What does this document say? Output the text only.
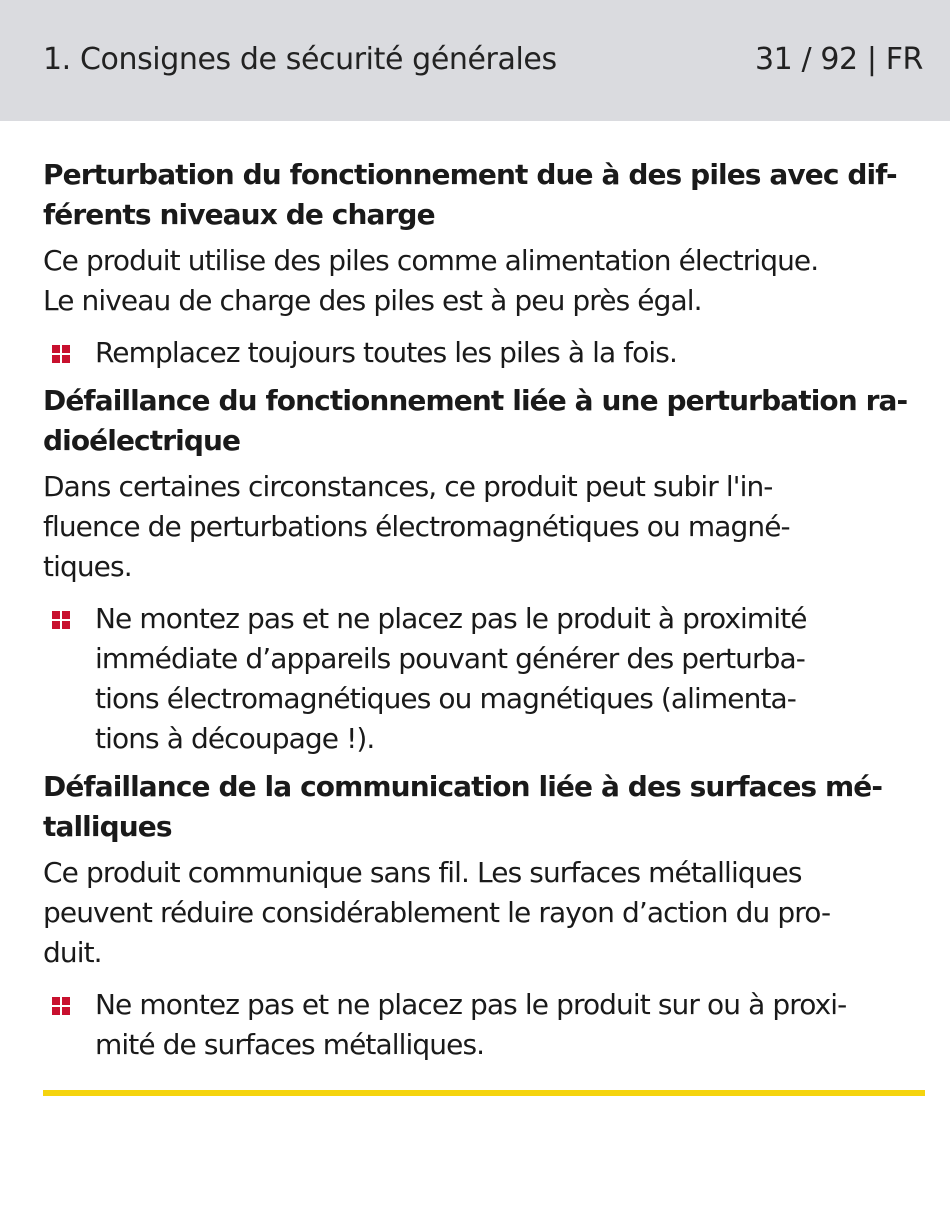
1. Consignes de sécurité générales	31 / 92 | FR
Perturbation du fonctionnement due à des piles avec dif-
férents niveaux de charge

Ce produit utilise des piles comme alimentation électrique.
Le niveau de charge des piles est à peu près égal.

Remplacez toujours toutes les piles à la fois.
Défaillance du fonctionnement liée à une perturbation ra-
dioélectrique

Dans certaines circonstances, ce produit peut subir l'in-
fluence de perturbations électromagnétiques ou magné-
tiques.

Ne montez pas et ne placez pas le produit à proximité
immédiate d’appareils pouvant générer des perturba-
tions électromagnétiques ou magnétiques (alimenta-
tions à découpage !).
Défaillance de la communication liée à des surfaces mé-
talliques

Ce produit communique sans fil. Les surfaces métalliques
peuvent réduire considérablement le rayon d’action du pro-
duit.

Ne montez pas et ne placez pas le produit sur ou à proxi-
mité de surfaces métalliques.
